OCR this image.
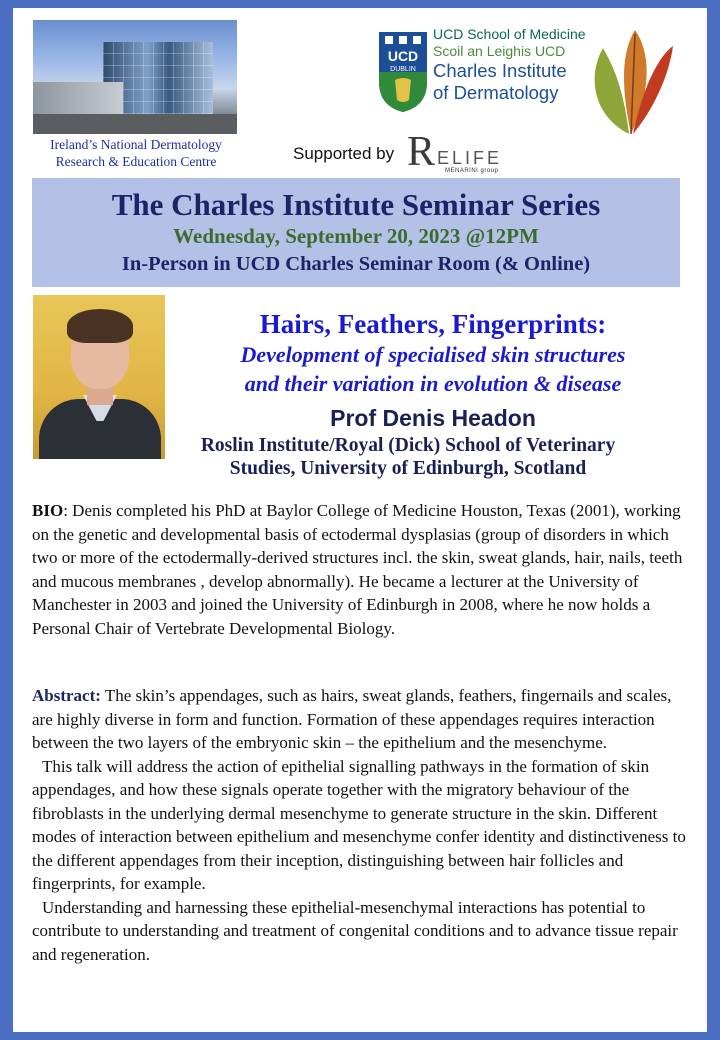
Ireland’s National Dermatology
Research & Education Centre
UCD
DUBLIN
UCD School of Medicine
Scoil an Leighis UCD
Charles Institute
of Dermatology
Supported by R ELIFE
MENARINI group
The Charles Institute Seminar Series
Wednesday, September 20, 2023 @12PM
In-Person in UCD Charles Seminar Room (& Online)
Hairs, Feathers, Fingerprints:
Development of specialised skin structures
and their variation in evolution & disease
Prof Denis Headon
Roslin Institute/Royal (Dick) School of Veterinary
Studies, University of Edinburgh, Scotland
BIO: Denis completed his PhD at Baylor College of Medicine Houston, Texas (2001), working on the genetic and developmental basis of ectodermal dysplasias (group of disorders in which two or more of the ectodermally-derived structures incl. the skin, sweat glands, hair, nails, teeth and mucous membranes , develop abnormally). He became a lecturer at the University of Manchester in 2003 and joined the University of Edinburgh in 2008, where he now holds a Personal Chair of Vertebrate Developmental Biology.

Abstract: The skin’s appendages, such as hairs, sweat glands, feathers, fingernails and scales, are highly diverse in form and function. Formation of these appendages requires interaction between the two layers of the embryonic skin – the epithelium and the mesenchyme.

This talk will address the action of epithelial signalling pathways in the formation of skin appendages, and how these signals operate together with the migratory behaviour of the fibroblasts in the underlying dermal mesenchyme to generate structure in the skin. Different modes of interaction between epithelium and mesenchyme confer identity and distinctiveness to the different appendages from their inception, distinguishing between hair follicles and fingerprints, for example.

Understanding and harnessing these epithelial-mesenchymal interactions has potential to contribute to understanding and treatment of congenital conditions and to advance tissue repair and regeneration.
